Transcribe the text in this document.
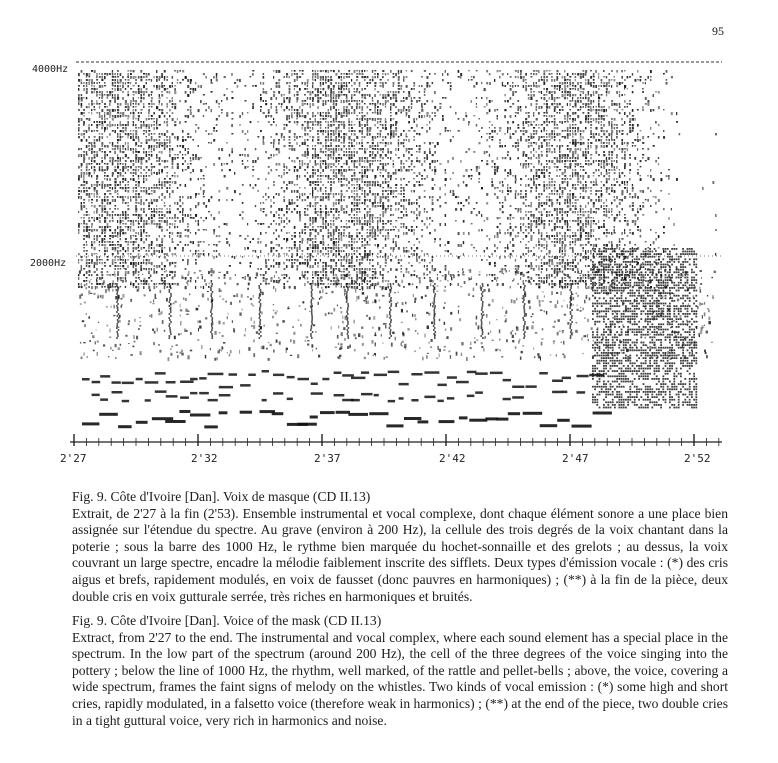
95
4000Hz
2000Hz
2'27	2'32	2'37	2'42	2'47	2'52

Fig. 9. Côte d'Ivoire [Dan]. Voix de masque (CD II.13)

Extrait, de 2'27 à la fin (2'53). Ensemble instrumental et vocal complexe, dont chaque élément sonore a une place bien assignée sur l'étendue du spectre. Au grave (environ à 200 Hz), la cellule des trois degrés de la voix chantant dans la poterie ; sous la barre des 1000 Hz, le rythme bien marquée du hochet-sonnaille et des grelots ; au dessus, la voix couvrant un large spectre, encadre la mélodie faiblement inscrite des sifflets. Deux types d'émission vocale : (*) des cris aigus et brefs, rapidement modulés, en voix de fausset (donc pauvres en harmoniques) ; (**) à la fin de la pièce, deux double cris en voix gutturale serrée, très riches en harmoniques et bruités.

Fig. 9. Côte d'Ivoire [Dan]. Voice of the mask (CD II.13)

Extract, from 2'27 to the end. The instrumental and vocal complex, where each sound element has a special place in the spectrum. In the low part of the spectrum (around 200 Hz), the cell of the three degrees of the voice singing into the pottery ; below the line of 1000 Hz, the rhythm, well marked, of the rattle and pellet-bells ; above, the voice, covering a wide spectrum, frames the faint signs of melody on the whistles. Two kinds of vocal emission : (*) some high and short cries, rapidly modulated, in a falsetto voice (therefore weak in harmonics) ; (**) at the end of the piece, two double cries in a tight guttural voice, very rich in harmonics and noise.
